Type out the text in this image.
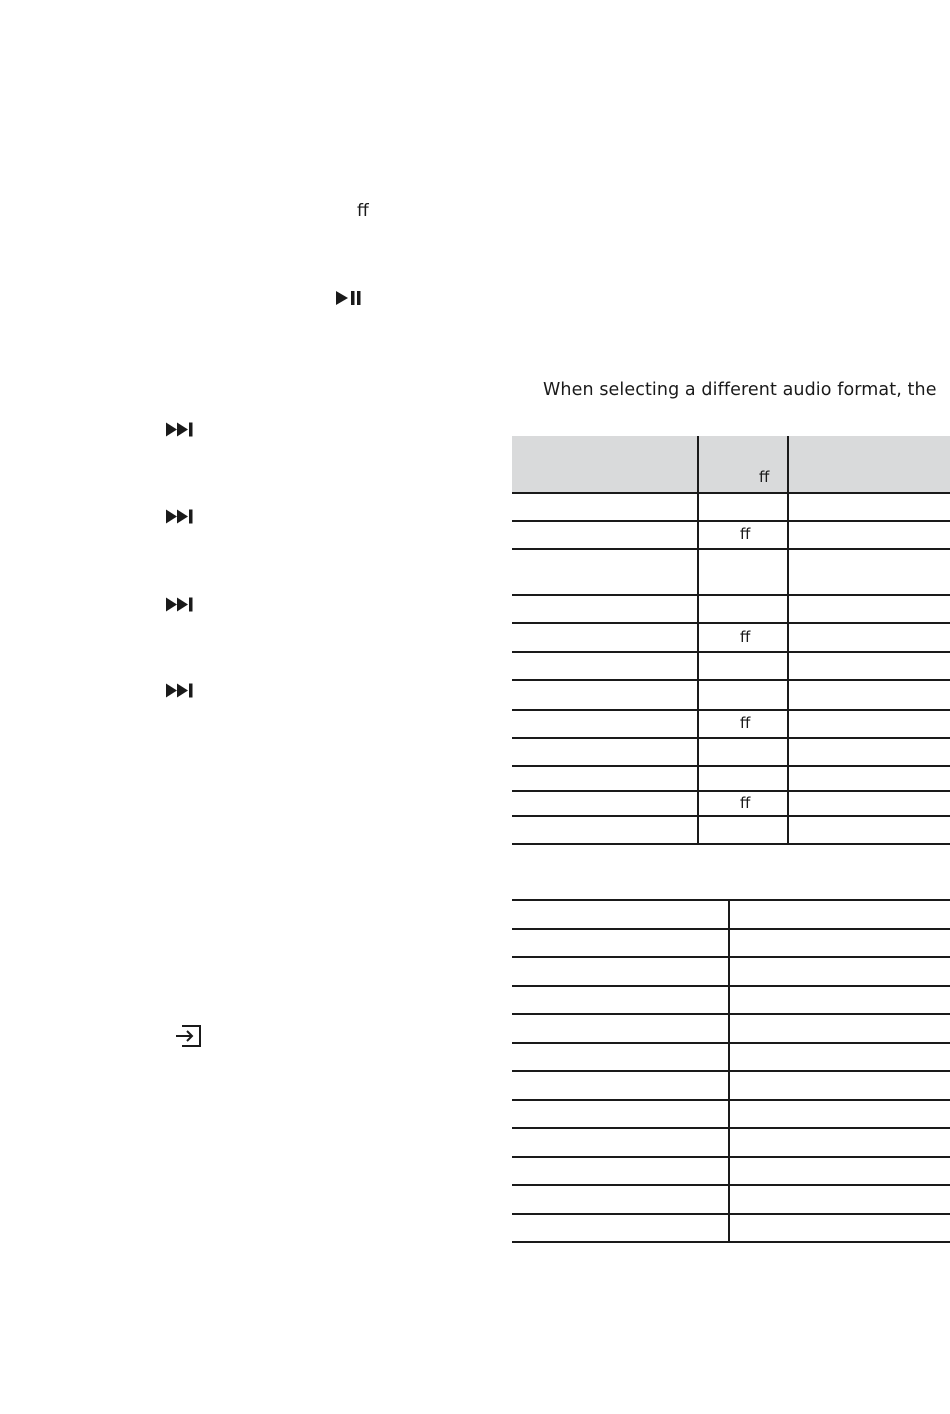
ff
When selecting a different audio format, the
ff
ff
ff
ff
ff
